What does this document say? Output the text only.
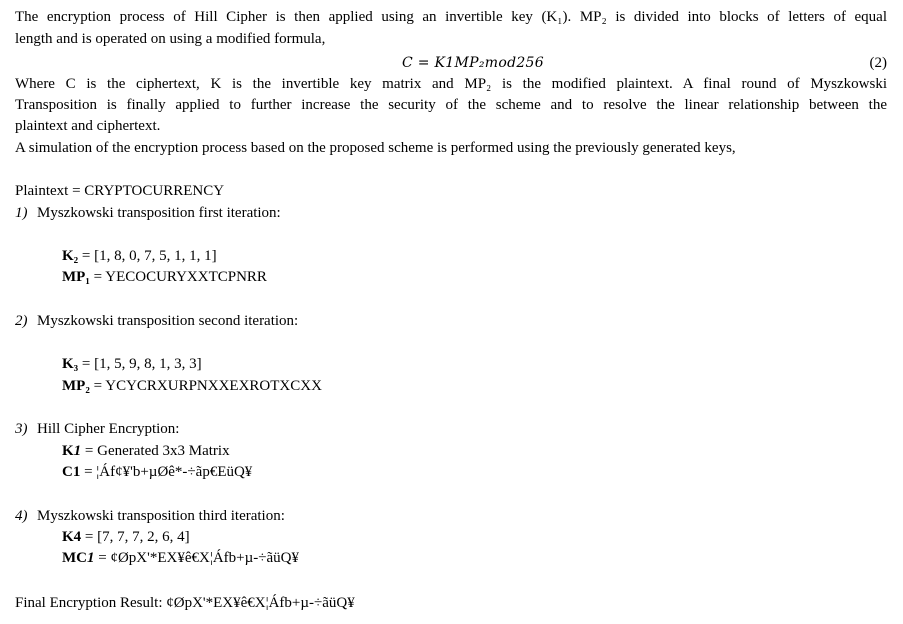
The encryption process of Hill Cipher is then applied using an invertible key (K₁). MP₂ is divided into blocks of letters of equal
length and is operated on using a modified formula,
C = K1MP₂mod256	(2)
Where C is the ciphertext, K is the invertible key matrix and MP₂ is the modified plaintext. A final round of Myszkowski
Transposition is finally applied to further increase the security of the scheme and to resolve the linear relationship between the
plaintext and ciphertext.
A simulation of the encryption process based on the proposed scheme is performed using the previously generated keys,
Plaintext = CRYPTOCURRENCY
1) Myszkowski transposition first iteration:
K₂ = [1, 8, 0, 7, 5, 1, 1, 1]
MP₁ = YECOCURYXXTCPNRR
2) Myszkowski transposition second iteration:
K₃ = [1, 5, 9, 8, 1, 3, 3]
MP₂ = YCYCRXURPNXXEXROTXCXX
3) Hill Cipher Encryption:
K1 = Generated 3x3 Matrix
C1 = ¦Áf¢¥'b+µØê*-÷ãp€EüQ¥
4) Myszkowski transposition third iteration:
K4 = [7, 7, 7, 2, 6, 4]
MC1 = ¢ØpX'*EX¥ê€X¦Áfb+µ-÷ãüQ¥
Final Encryption Result: ¢ØpX'*EX¥ê€X¦Áfb+µ-÷ãüQ¥
